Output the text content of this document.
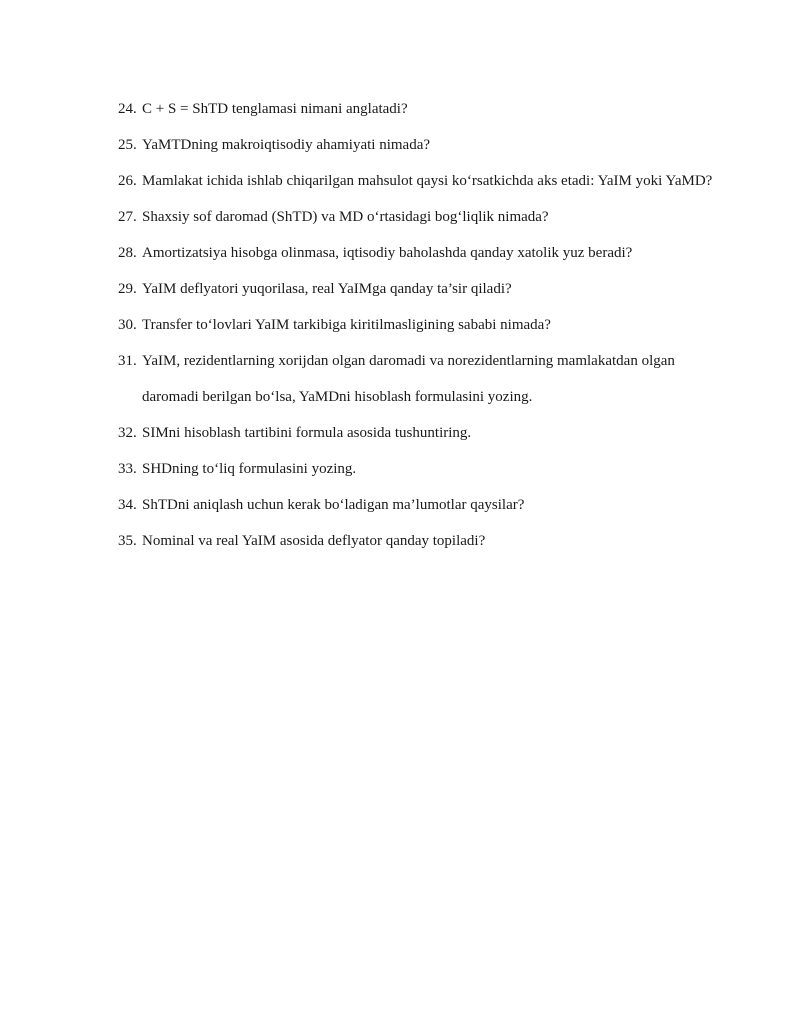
24. C + S = ShTD tenglamasi nimani anglatadi?
25. YaMTDning makroiqtisodiy ahamiyati nimada?
26. Mamlakat ichida ishlab chiqarilgan mahsulot qaysi ko‘rsatkichda aks etadi: YaIM yoki YaMD?
27. Shaxsiy sof daromad (ShTD) va MD o‘rtasidagi bog‘liqlik nimada?
28. Amortizatsiya hisobga olinmasa, iqtisodiy baholashda qanday xatolik yuz beradi?
29. YaIM deflyatori yuqorilasa, real YaIMga qanday ta’sir qiladi?
30. Transfer to‘lovlari YaIM tarkibiga kiritilmasligining sababi nimada?
31. YaIM, rezidentlarning xorijdan olgan daromadi va norezidentlarning mamlakatdan olgan daromadi berilgan bo‘lsa, YaMDni hisoblash formulasini yozing.
32. SIMni hisoblash tartibini formula asosida tushuntiring.
33. SHDning to‘liq formulasini yozing.
34. ShTDni aniqlash uchun kerak bo‘ladigan ma’lumotlar qaysilar?
35. Nominal va real YaIM asosida deflyator qanday topiladi?
